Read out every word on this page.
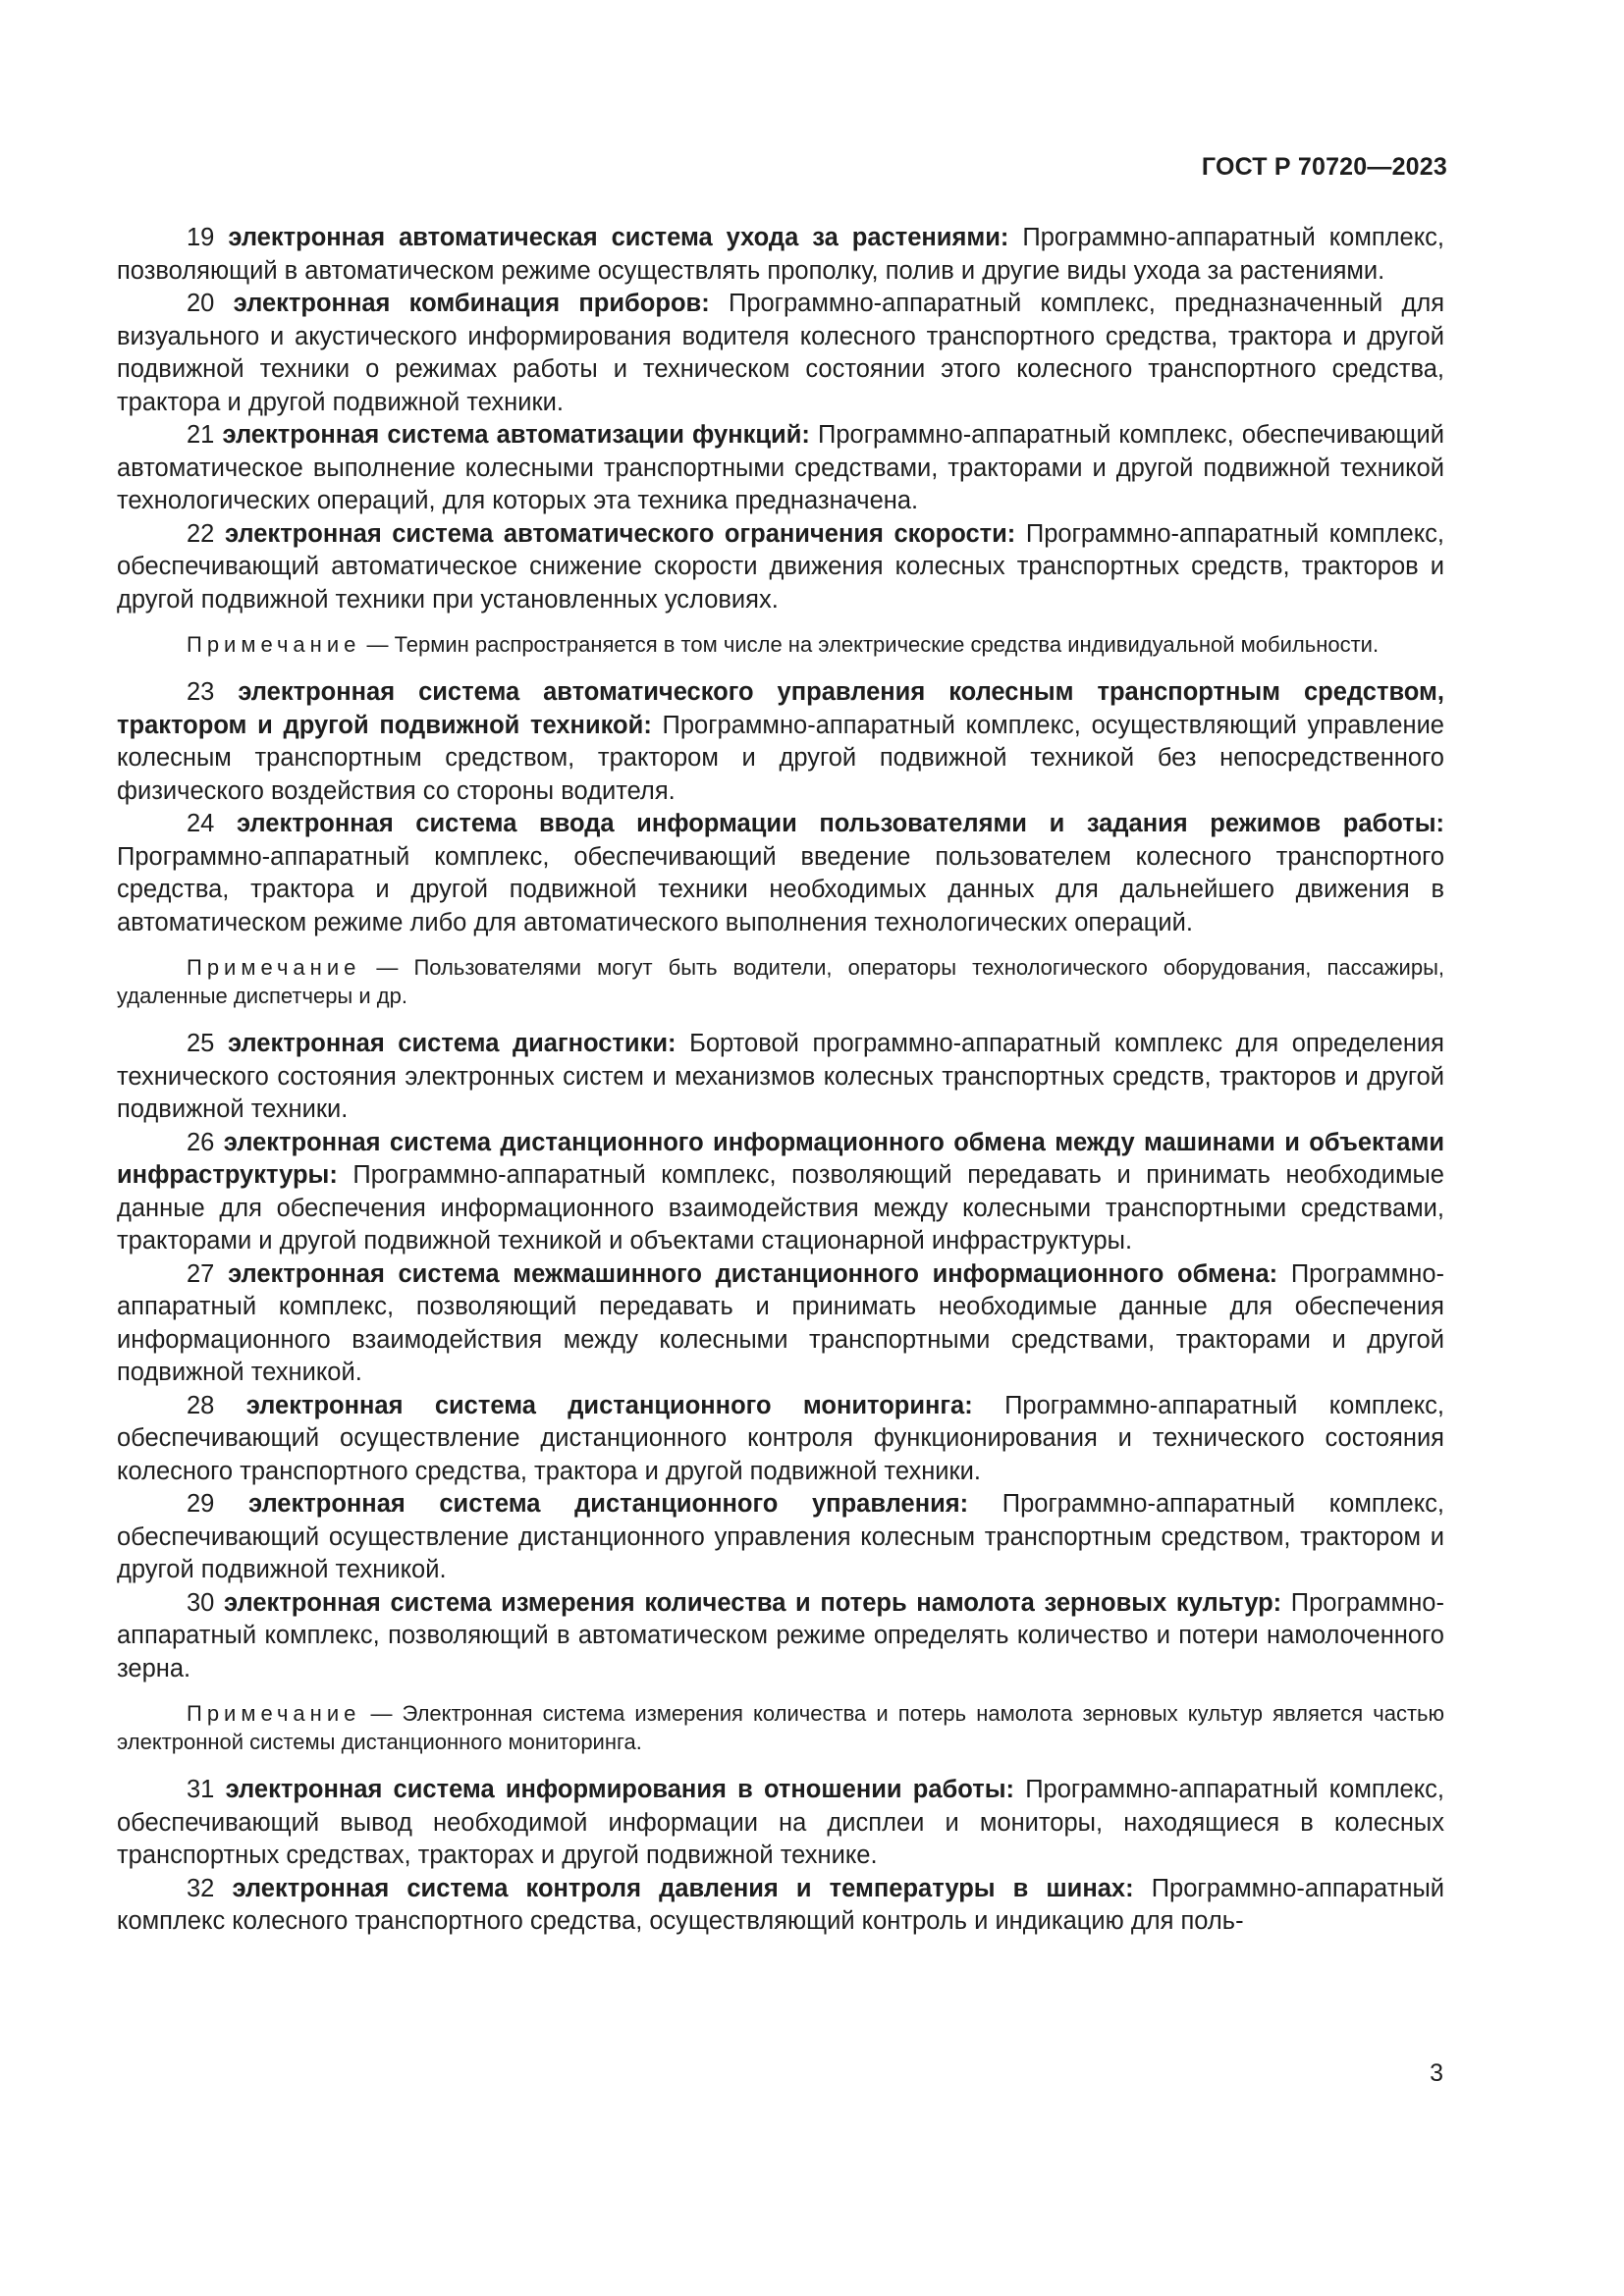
ГОСТ Р 70720—2023

19 электронная автоматическая система ухода за растениями: Программно-аппаратный комплекс, позволяющий в автоматическом режиме осуществлять прополку, полив и другие виды ухода за растениями.

20 электронная комбинация приборов: Программно-аппаратный комплекс, предназначенный для визуального и акустического информирования водителя колесного транспортного средства, трактора и другой подвижной техники о режимах работы и техническом состоянии этого колесного транспортного средства, трактора и другой подвижной техники.

21 электронная система автоматизации функций: Программно-аппаратный комплекс, обеспечивающий автоматическое выполнение колесными транспортными средствами, тракторами и другой подвижной техникой технологических операций, для которых эта техника предназначена.

22 электронная система автоматического ограничения скорости: Программно-аппаратный комплекс, обеспечивающий автоматическое снижение скорости движения колесных транспортных средств, тракторов и другой подвижной техники при установленных условиях.

Примечание — Термин распространяется в том числе на электрические средства индивидуальной мобильности.

23 электронная система автоматического управления колесным транспортным средством, трактором и другой подвижной техникой: Программно-аппаратный комплекс, осуществляющий управление колесным транспортным средством, трактором и другой подвижной техникой без непосредственного физического воздействия со стороны водителя.

24 электронная система ввода информации пользователями и задания режимов работы: Программно-аппаратный комплекс, обеспечивающий введение пользователем колесного транспортного средства, трактора и другой подвижной техники необходимых данных для дальнейшего движения в автоматическом режиме либо для автоматического выполнения технологических операций.

Примечание — Пользователями могут быть водители, операторы технологического оборудования, пассажиры, удаленные диспетчеры и др.

25 электронная система диагностики: Бортовой программно-аппаратный комплекс для определения технического состояния электронных систем и механизмов колесных транспортных средств, тракторов и другой подвижной техники.

26 электронная система дистанционного информационного обмена между машинами и объектами инфраструктуры: Программно-аппаратный комплекс, позволяющий передавать и принимать необходимые данные для обеспечения информационного взаимодействия между колесными транспортными средствами, тракторами и другой подвижной техникой и объектами стационарной инфраструктуры.

27 электронная система межмашинного дистанционного информационного обмена: Программно-аппаратный комплекс, позволяющий передавать и принимать необходимые данные для обеспечения информационного взаимодействия между колесными транспортными средствами, тракторами и другой подвижной техникой.

28 электронная система дистанционного мониторинга: Программно-аппаратный комплекс, обеспечивающий осуществление дистанционного контроля функционирования и технического состояния колесного транспортного средства, трактора и другой подвижной техники.

29 электронная система дистанционного управления: Программно-аппаратный комплекс, обеспечивающий осуществление дистанционного управления колесным транспортным средством, трактором и другой подвижной техникой.

30 электронная система измерения количества и потерь намолота зерновых культур: Программно-аппаратный комплекс, позволяющий в автоматическом режиме определять количество и потери намолоченного зерна.

Примечание — Электронная система измерения количества и потерь намолота зерновых культур является частью электронной системы дистанционного мониторинга.

31 электронная система информирования в отношении работы: Программно-аппаратный комплекс, обеспечивающий вывод необходимой информации на дисплеи и мониторы, находящиеся в колесных транспортных средствах, тракторах и другой подвижной технике.

32 электронная система контроля давления и температуры в шинах: Программно-аппаратный комплекс колесного транспортного средства, осуществляющий контроль и индикацию для поль-

3
